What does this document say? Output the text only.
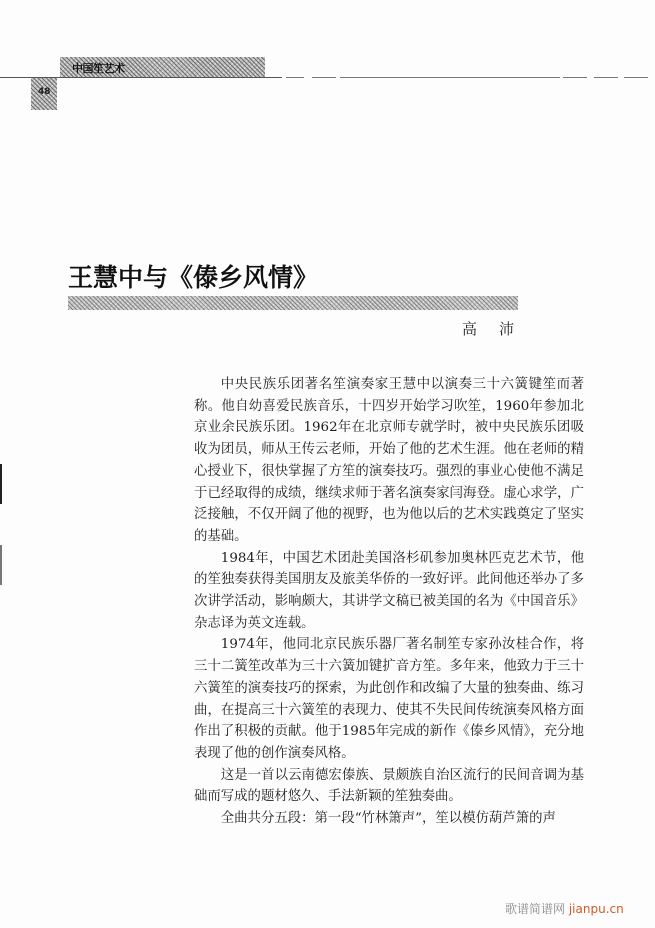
中国笙艺术
48
王慧中与《傣乡风情》
高沛

中央民族乐团著名笙演奏家王慧中以演奏三十六簧键笙而著称。他自幼喜爱民族音乐，十四岁开始学习吹笙，1960年参加北京业余民族乐团。1962年在北京师专就学时，被中央民族乐团吸收为团员，师从王传云老师，开始了他的艺术生涯。他在老师的精心授业下，很快掌握了方笙的演奏技巧。强烈的事业心使他不满足于已经取得的成绩，继续求师于著名演奏家闫海登。虚心求学，广泛接触，不仅开阔了他的视野，也为他以后的艺术实践奠定了坚实的基础。

1984年，中国艺术团赴美国洛杉矶参加奥林匹克艺术节，他的笙独奏获得美国朋友及旅美华侨的一致好评。此间他还举办了多次讲学活动，影响颇大，其讲学文稿已被美国的名为《中国音乐》杂志译为英文连载。

1974年，他同北京民族乐器厂著名制笙专家孙汝桂合作，将三十二簧笙改革为三十六簧加键扩音方笙。多年来，他致力于三十六簧笙的演奏技巧的探索，为此创作和改编了大量的独奏曲、练习曲，在提高三十六簧笙的表现力、使其不失民间传统演奏风格方面作出了积极的贡献。他于1985年完成的新作《傣乡风情》，充分地表现了他的创作演奏风格。

这是一首以云南德宏傣族、景颇族自治区流行的民间音调为基础而写成的题材悠久、手法新颖的笙独奏曲。

全曲共分五段：第一段“竹林箫声”，笙以模仿葫芦箫的声

歌谱简谱网 jianpu.cn
